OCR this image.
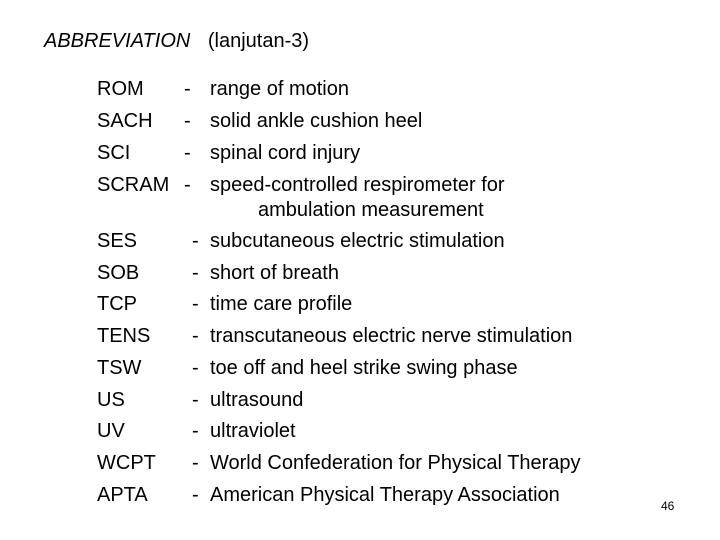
ABBREVIATION (lanjutan-3)
ROM - range of motion
SACH - solid ankle cushion heel
SCI	- spinal cord injury
SCRAM - speed-controlled respirometer for
ambulation measurement
SES	- subcutaneous electric stimulation
SOB	- short of breath
TCP	- time care profile
TENS - transcutaneous electric nerve stimulation
TSW	- toe off and heel strike swing phase
US	- ultrasound
UV	- ultraviolet
WCPT - World Confederation for Physical Therapy
APTA - American Physical Therapy Association	46
